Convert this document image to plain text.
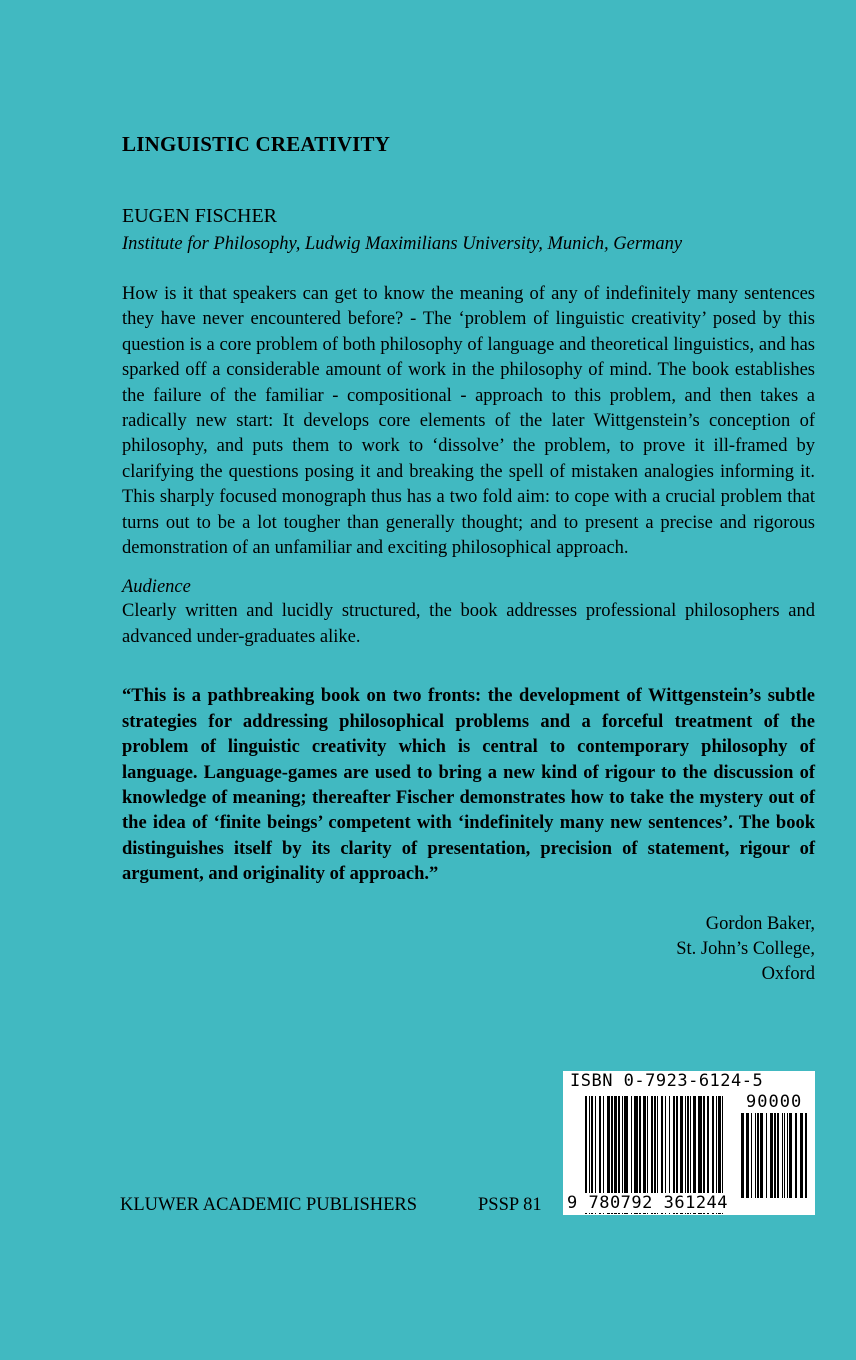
LINGUISTIC CREATIVITY
EUGEN FISCHER
Institute for Philosophy, Ludwig Maximilians University, Munich, Germany
How is it that speakers can get to know the meaning of any of indefinitely many sentences they have never encountered before? - The ‘problem of linguistic creativity’ posed by this question is a core problem of both philosophy of language and theoretical linguistics, and has sparked off a considerable amount of work in the philosophy of mind. The book establishes the failure of the familiar - compositional - approach to this problem, and then takes a radically new start: It develops core elements of the later Wittgenstein’s conception of philosophy, and puts them to work to ‘dissolve’ the problem, to prove it ill-framed by clarifying the questions posing it and breaking the spell of mistaken analogies informing it. This sharply focused monograph thus has a two fold aim: to cope with a crucial problem that turns out to be a lot tougher than generally thought; and to present a precise and rigorous demonstration of an unfamiliar and exciting philosophical approach.
Audience
Clearly written and lucidly structured, the book addresses professional philosophers and advanced under-graduates alike.
“This is a pathbreaking book on two fronts: the development of Wittgenstein’s subtle strategies for addressing philosophical problems and a forceful treatment of the problem of linguistic creativity which is central to contemporary philosophy of language. Language-games are used to bring a new kind of rigour to the discussion of knowledge of meaning; thereafter Fischer demonstrates how to take the mystery out of the idea of ‘finite beings’ competent with ‘indefinitely many new sentences’. The book distinguishes itself by its clarity of presentation, precision of statement, rigour of argument, and originality of approach.”
Gordon Baker,
St. John’s College,
Oxford
KLUWER ACADEMIC PUBLISHERS	PSSP 81
ISBN 0-7923-6124-5
90000
9 780792 361244
